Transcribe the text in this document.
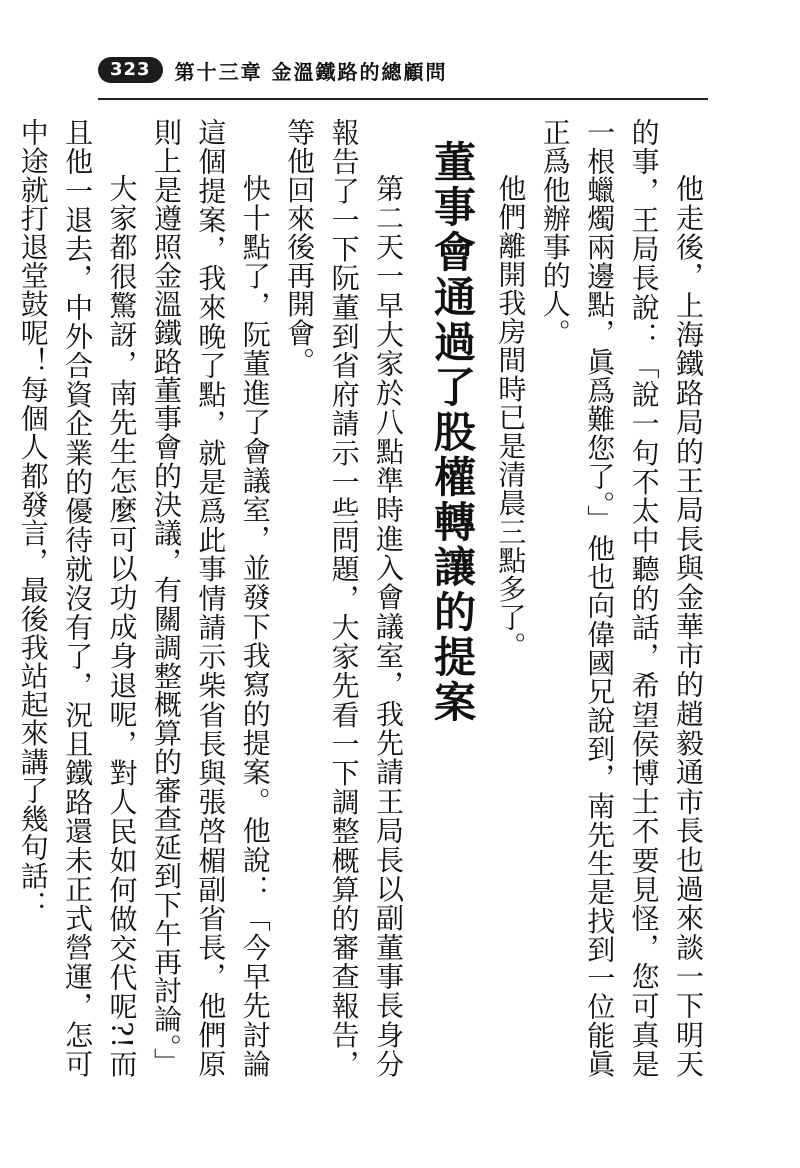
323	第十三章 金溫鐵路的總顧問

他走後，上海鐵路局的王局長與金華市的趙毅通市長也過來談一下明天的事，王局長說：「說一句不太中聽的話，希望侯博士不要見怪，您可真是一根蠟燭兩邊點，眞爲難您了。」他也向偉國兄說到，南先生是找到一位能眞正爲他辦事的人。

他們離開我房間時已是清晨三點多了。

董事會通過了股權轉讓的提案

第二天一早大家於八點準時進入會議室，我先請王局長以副董事長身分報告了一下阮董到省府請示一些問題，大家先看一下調整概算的審查報告，等他回來後再開會。

快十點了，阮董進了會議室，並發下我寫的提案。他說：「今早先討論這個提案，我來晚了點，就是爲此事情請示柴省長與張啓楣副省長，他們原則上是遵照金溫鐵路董事會的決議，有關調整概算的審查延到下午再討論。」

大家都很驚訝，南先生怎麼可以功成身退呢，對人民如何做交代呢?!而且他一退去，中外合資企業的優待就沒有了，況且鐵路還未正式營運，怎可中途就打退堂鼓呢！每個人都發言，最後我站起來講了幾句話：
